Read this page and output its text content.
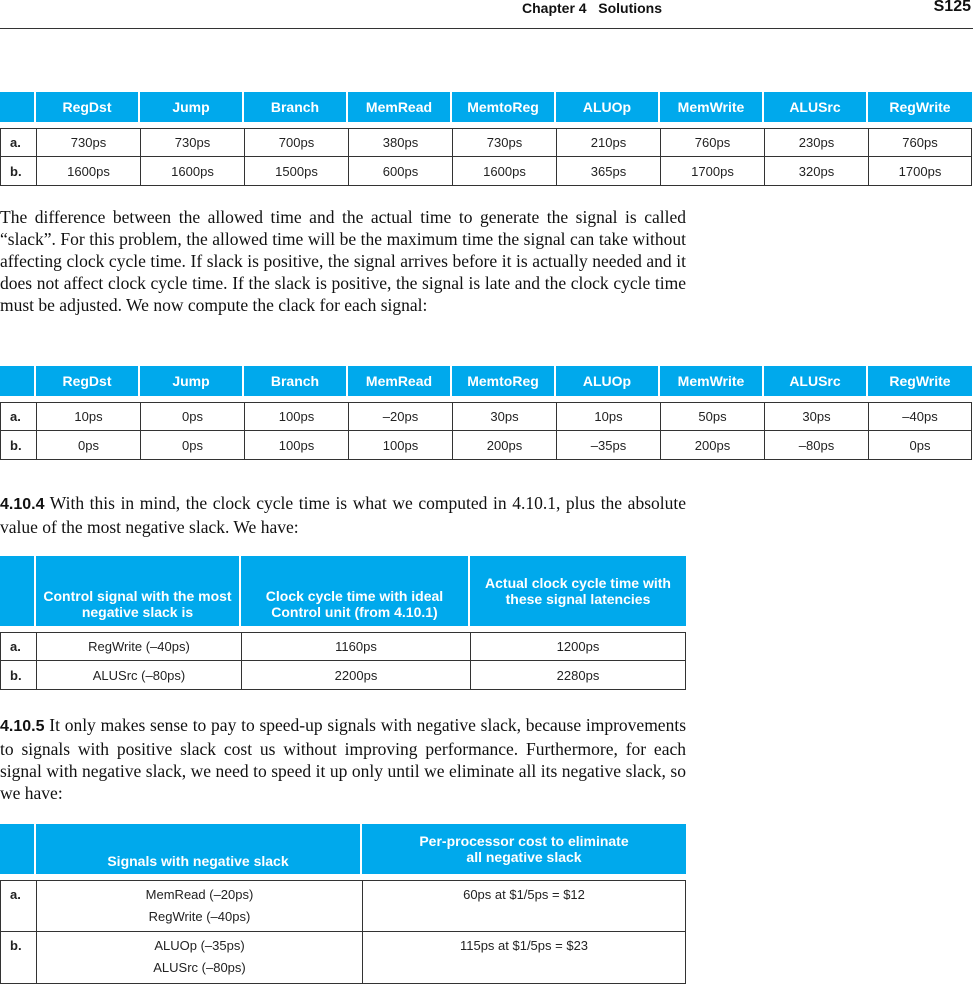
Chapter 4   Solutions	S125
	RegDst	Jump	Branch	MemRead	MemtoReg	ALUOp	MemWrite	ALUSrc	RegWrite

a.	730ps	730ps	700ps	380ps	730ps	210ps	760ps	230ps	760ps
b.	1600ps	1600ps	1500ps	600ps	1600ps	365ps	1700ps	320ps	1700ps

The difference between the allowed time and the actual time to generate the signal is called “slack”. For this problem, the allowed time will be the maximum time the signal can take without affecting clock cycle time. If slack is positive, the signal arrives before it is actually needed and it does not affect clock cycle time. If the slack is positive, the signal is late and the clock cycle time must be adjusted. We now compute the clack for each signal:

	RegDst	Jump	Branch	MemRead	MemtoReg	ALUOp	MemWrite	ALUSrc	RegWrite

a.	10ps	0ps	100ps	–20ps	30ps	10ps	50ps	30ps	–40ps
b.	0ps	0ps	100ps	100ps	200ps	–35ps	200ps	–80ps	0ps

4.10.4 With this in mind, the clock cycle time is what we computed in 4.10.1, plus the absolute value of the most negative slack. We have:

	Control signal with the most negative slack is	Clock cycle time with ideal Control unit (from 4.10.1)	Actual clock cycle time with these signal latencies

a.	RegWrite (–40ps)	1160ps	1200ps
b.	ALUSrc (–80ps)	2200ps	2280ps

4.10.5 It only makes sense to pay to speed-up signals with negative slack, because improvements to signals with positive slack cost us without improving performance. Furthermore, for each signal with negative slack, we need to speed it up only until we eliminate all its negative slack, so we have:

	Signals with negative slack	Per-processor cost to eliminate all negative slack

a.	MemRead (–20ps)
RegWrite (–40ps)	60ps at $1/5ps = $12
b.	ALUOp (–35ps)
ALUSrc (–80ps)	115ps at $1/5ps = $23
